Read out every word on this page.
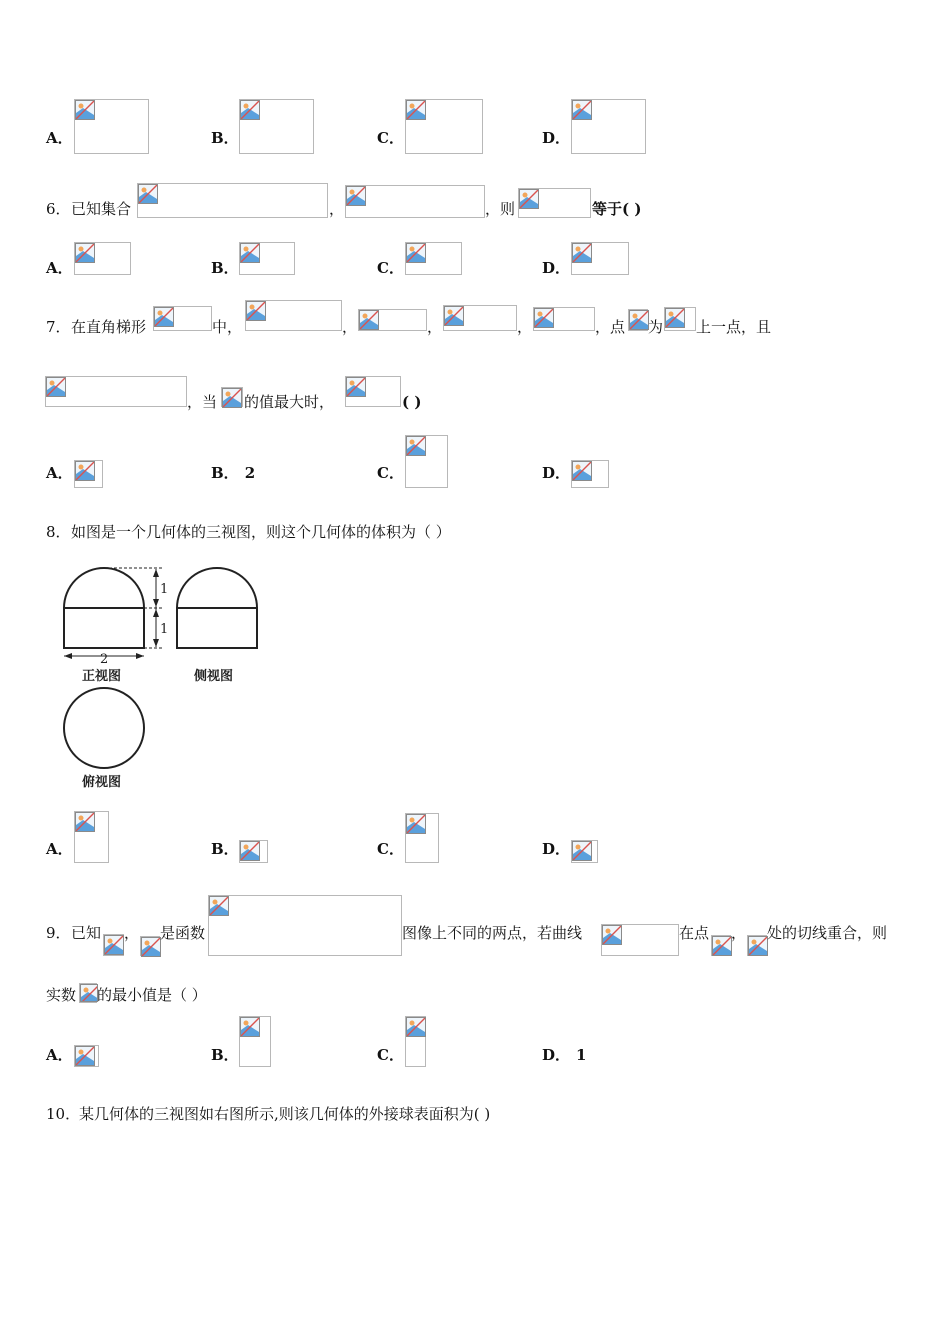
A．	B．	C．	D．
6． 已知集合	，	，则	等于( )
A．	B．	C．	D．
7． 在直角梯形	中，	，	，	，	，点 为 上一点，且
，当 的值最大时，	( )
A．	B． 2	C．	D．
8． 如图是一个几何体的三视图，则这个几何体的体积为（ ）
1
1
2
正视图	侧视图
俯视图
A．	B．	C．	D．
9． 已知 ， 是函数	图像上不同的两点，若曲线	在点 ， 处的切线重合，则
实数 的最小值是（ ）
A．	B．	C．	D． 1
10．
某几何体的三视图如右图所示,则该几何体的外接球表面积为( )
